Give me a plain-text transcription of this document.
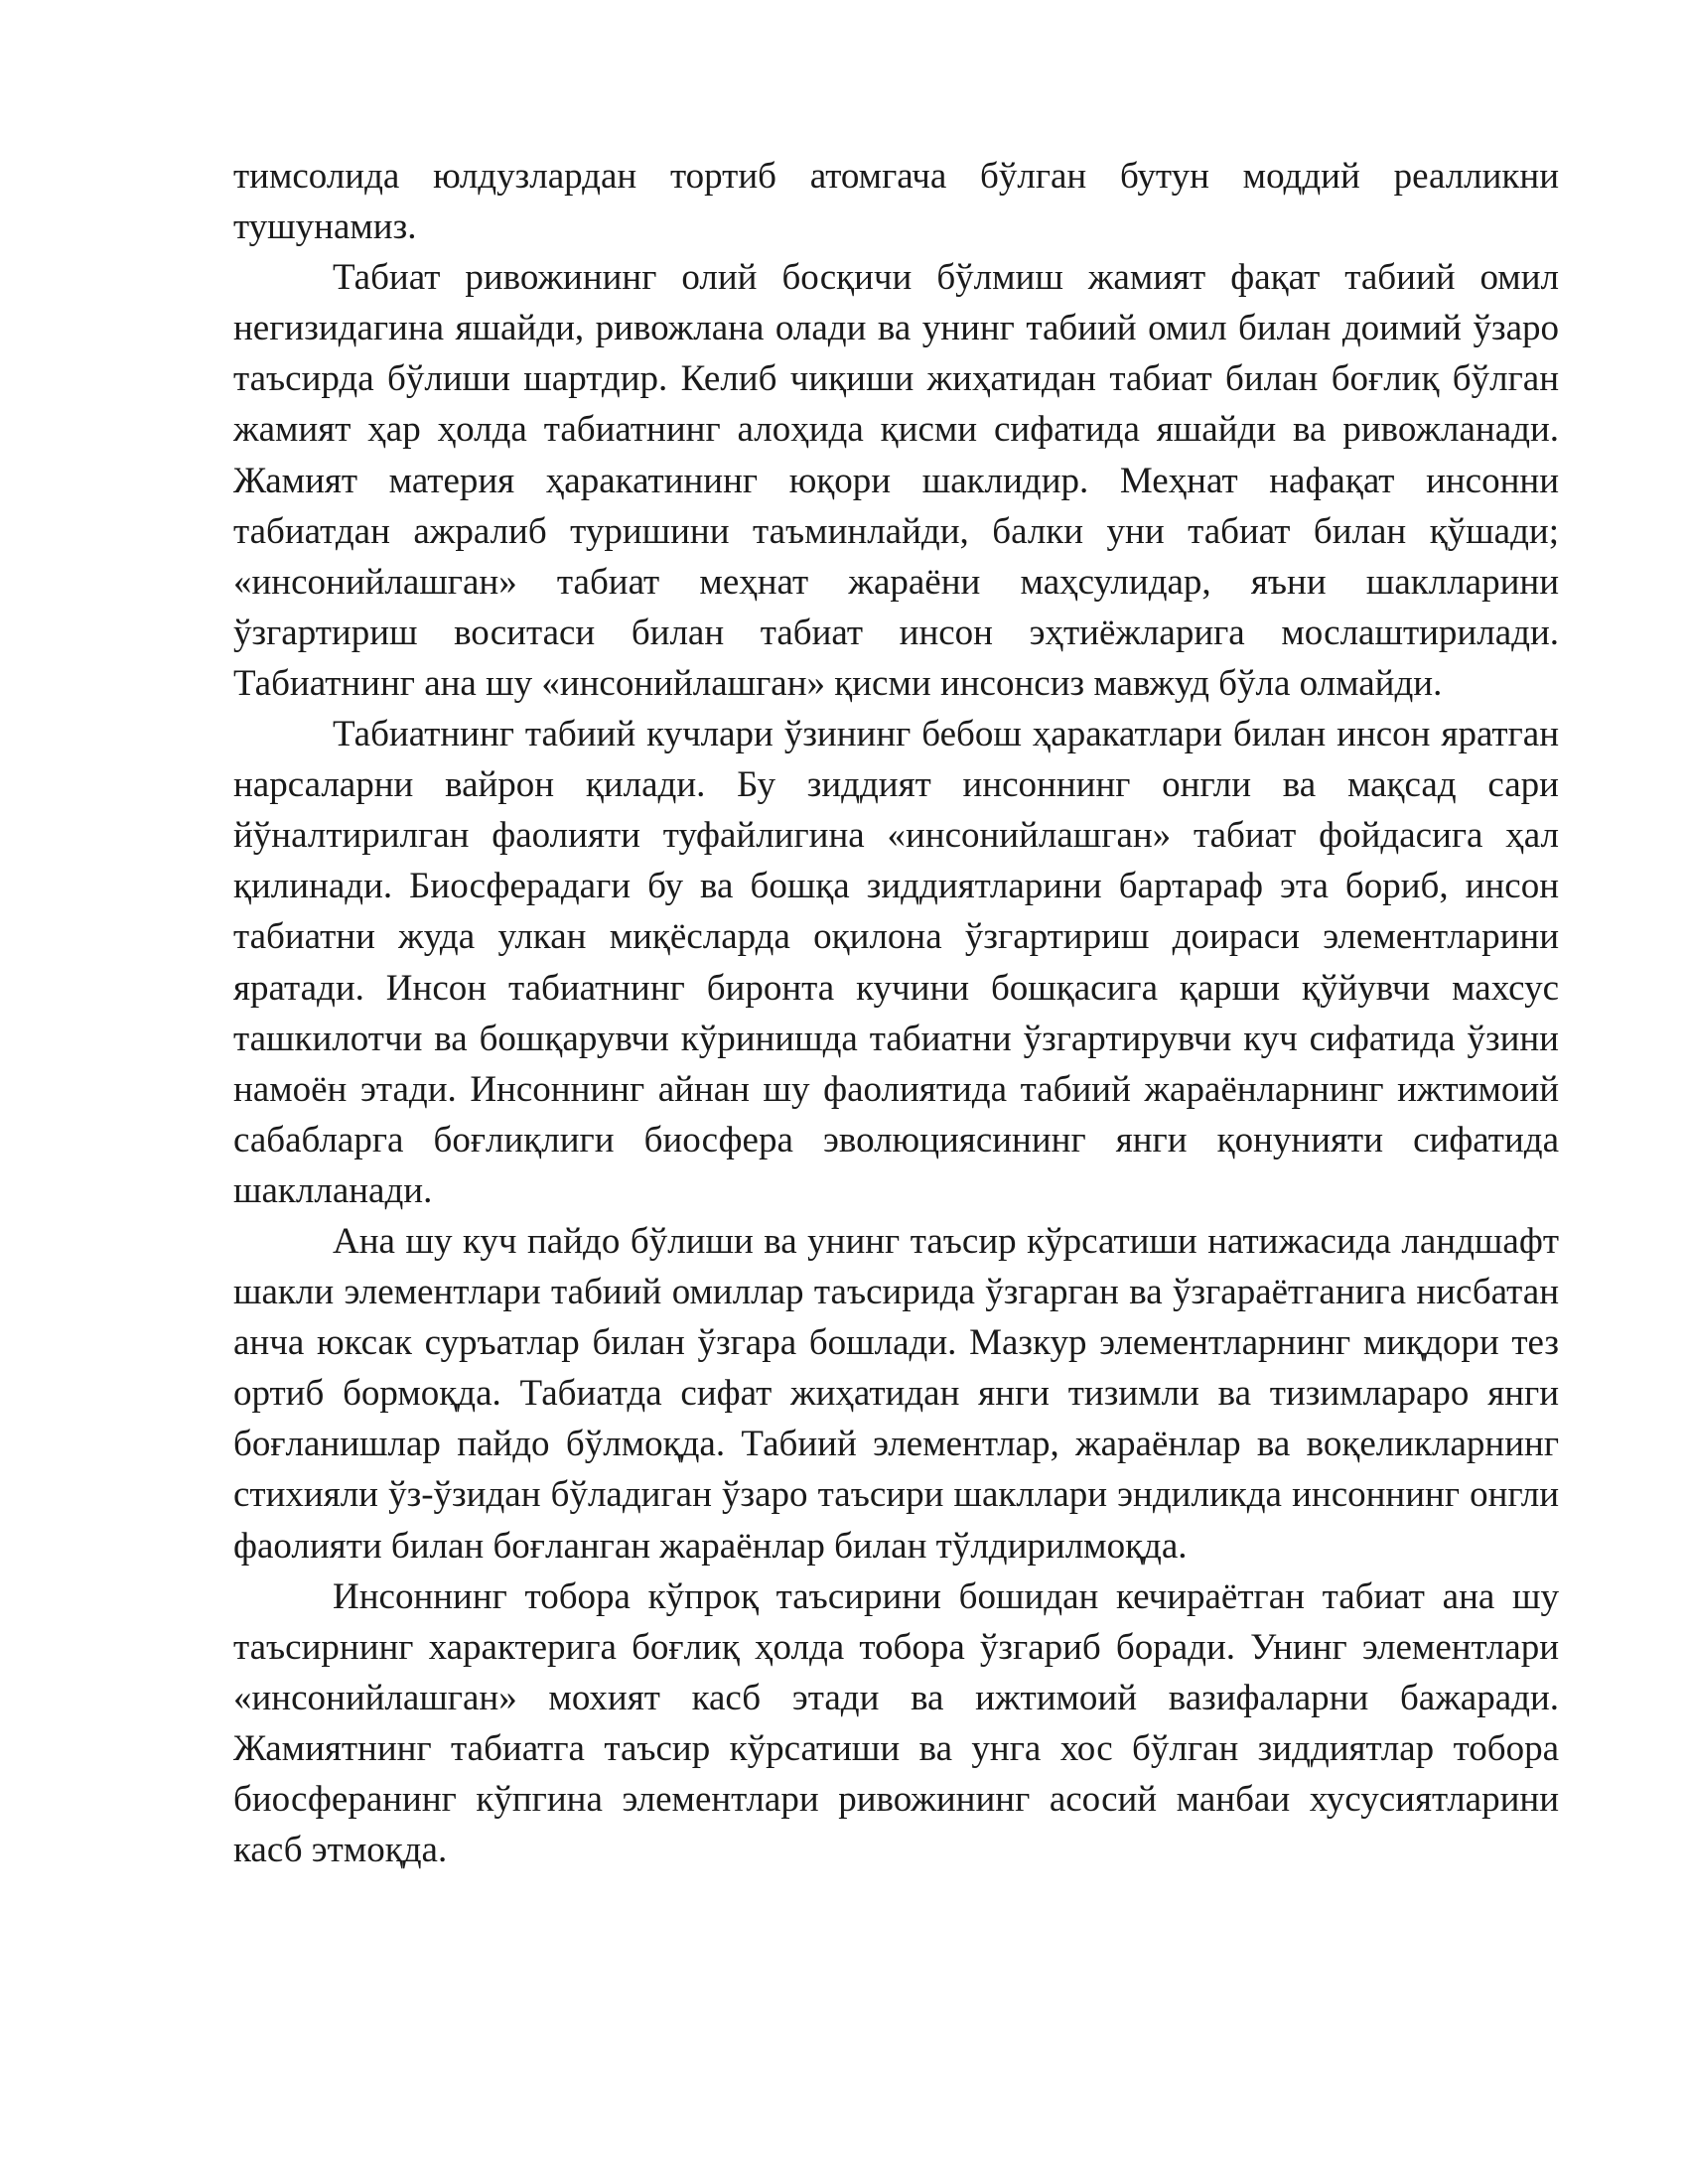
тимсолида юлдузлардан тортиб атомгача бўлган бутун моддий реалликни тушунамиз.

Табиат ривожининг олий босқичи бўлмиш жамият фақат табиий омил негизидагина яшайди, ривожлана олади ва унинг табиий омил билан доимий ўзаро таъсирда бўлиши шартдир. Келиб чиқиши жиҳатидан табиат билан боғлиқ бўлган жамият ҳар ҳолда табиатнинг алоҳида қисми сифатида яшайди ва ривожланади. Жамият материя ҳаракатининг юқори шаклидир. Меҳнат нафақат инсонни табиатдан ажралиб туришини таъминлайди, балки уни табиат билан қўшади; «инсонийлашган» табиат меҳнат жараёни маҳсулидар, яъни шаклларини ўзгартириш воситаси билан табиат инсон эҳтиёжларига мослаштирилади. Табиатнинг ана шу «инсонийлашган» қисми инсонсиз мавжуд бўла олмайди.

Табиатнинг табиий кучлари ўзининг бебош ҳаракатлари билан инсон яратган нарсаларни вайрон қилади. Бу зиддият инсоннинг онгли ва мақсад сари йўналтирилган фаолияти туфайлигина «инсонийлашган» табиат фойдасига ҳал қилинади. Биосферадаги бу ва бошқа зиддиятларини бартараф эта бориб, инсон табиатни жуда улкан миқёсларда оқилона ўзгартириш доираси элементларини яратади. Инсон табиатнинг биронта кучини бошқасига қарши қўйувчи махсус ташкилотчи ва бошқарувчи кўринишда табиатни ўзгартирувчи куч сифатида ўзини намоён этади. Инсоннинг айнан шу фаолиятида табиий жараёнларнинг ижтимоий сабабларга боғлиқлиги биосфера эволюциясининг янги қонунияти сифатида шаклланади.

Ана шу куч пайдо бўлиши ва унинг таъсир кўрсатиши натижасида ландшафт шакли элементлари табиий омиллар таъсирида ўзгарган ва ўзгараётганига нисбатан анча юксак суръатлар билан ўзгара бошлади. Мазкур элементларнинг миқдори тез ортиб бормоқда. Табиатда сифат жиҳатидан янги тизимли ва тизимлараро янги боғланишлар пайдо бўлмоқда. Табиий элементлар, жараёнлар ва воқеликларнинг стихияли ўз-ўзидан бўладиган ўзаро таъсири шакллари эндиликда инсоннинг онгли фаолияти билан боғланган жараёнлар билан тўлдирилмоқда.

Инсоннинг тобора кўпроқ таъсирини бошидан кечираётган табиат ана шу таъсирнинг характерига боғлиқ ҳолда тобора ўзгариб боради. Унинг элементлари «инсонийлашган» мохият касб этади ва ижтимоий вазифаларни бажаради. Жамиятнинг табиатга таъсир кўрсатиши ва унга хос бўлган зиддиятлар тобора биосферанинг кўпгина элементлари ривожининг асосий манбаи хусусиятларини касб этмоқда.
